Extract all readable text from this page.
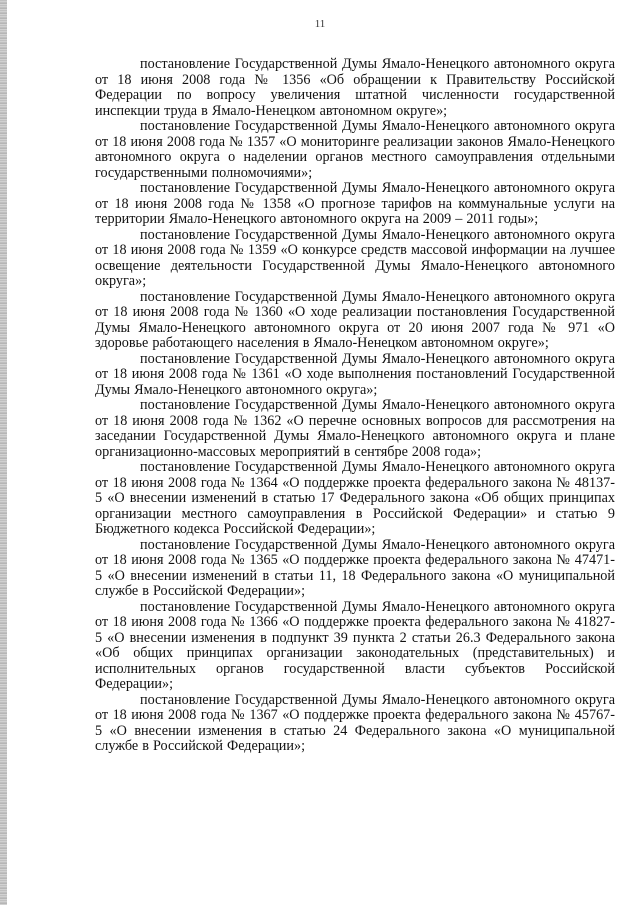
11

постановление Государственной Думы Ямало-Ненецкого автономного округа от 18 июня 2008 года № 1356 «Об обращении к Правительству Российской Федерации по вопросу увеличения штатной численности государственной инспекции труда в Ямало-Ненецком автономном округе»;

постановление Государственной Думы Ямало-Ненецкого автономного округа от 18 июня 2008 года № 1357 «О мониторинге реализации законов Ямало-Ненецкого автономного округа о наделении органов местного самоуправления отдельными государственными полномочиями»;

постановление Государственной Думы Ямало-Ненецкого автономного округа от 18 июня 2008 года № 1358 «О прогнозе тарифов на коммунальные услуги на территории Ямало-Ненецкого автономного округа на 2009 – 2011 годы»;

постановление Государственной Думы Ямало-Ненецкого автономного округа от 18 июня 2008 года № 1359 «О конкурсе средств массовой информации на лучшее освещение деятельности Государственной Думы Ямало-Ненецкого автономного округа»;

постановление Государственной Думы Ямало-Ненецкого автономного округа от 18 июня 2008 года № 1360 «О ходе реализации постановления Государственной Думы Ямало-Ненецкого автономного округа от 20 июня 2007 года № 971 «О здоровье работающего населения в Ямало-Ненецком автономном округе»;

постановление Государственной Думы Ямало-Ненецкого автономного округа от 18 июня 2008 года № 1361 «О ходе выполнения постановлений Государственной Думы Ямало-Ненецкого автономного округа»;

постановление Государственной Думы Ямало-Ненецкого автономного округа от 18 июня 2008 года № 1362 «О перечне основных вопросов для рассмотрения на заседании Государственной Думы Ямало-Ненецкого автономного округа и плане организационно-массовых мероприятий в сентябре 2008 года»;

постановление Государственной Думы Ямало-Ненецкого автономного округа от 18 июня 2008 года № 1364 «О поддержке проекта федерального закона № 48137-5 «О внесении изменений в статью 17 Федерального закона «Об общих принципах организации местного самоуправления в Российской Федерации» и статью 9 Бюджетного кодекса Российской Федерации»;

постановление Государственной Думы Ямало-Ненецкого автономного округа от 18 июня 2008 года № 1365 «О поддержке проекта федерального закона № 47471-5 «О внесении изменений в статьи 11, 18 Федерального закона «О муниципальной службе в Российской Федерации»;

постановление Государственной Думы Ямало-Ненецкого автономного округа от 18 июня 2008 года № 1366 «О поддержке проекта федерального закона № 41827-5 «О внесении изменения в подпункт 39 пункта 2 статьи 26.3 Федерального закона «Об общих принципах организации законодательных (представительных) и исполнительных органов государственной власти субъектов Российской Федерации»;

постановление Государственной Думы Ямало-Ненецкого автономного округа от 18 июня 2008 года № 1367 «О поддержке проекта федерального закона № 45767-5 «О внесении изменения в статью 24 Федерального закона «О муниципальной службе в Российской Федерации»;
